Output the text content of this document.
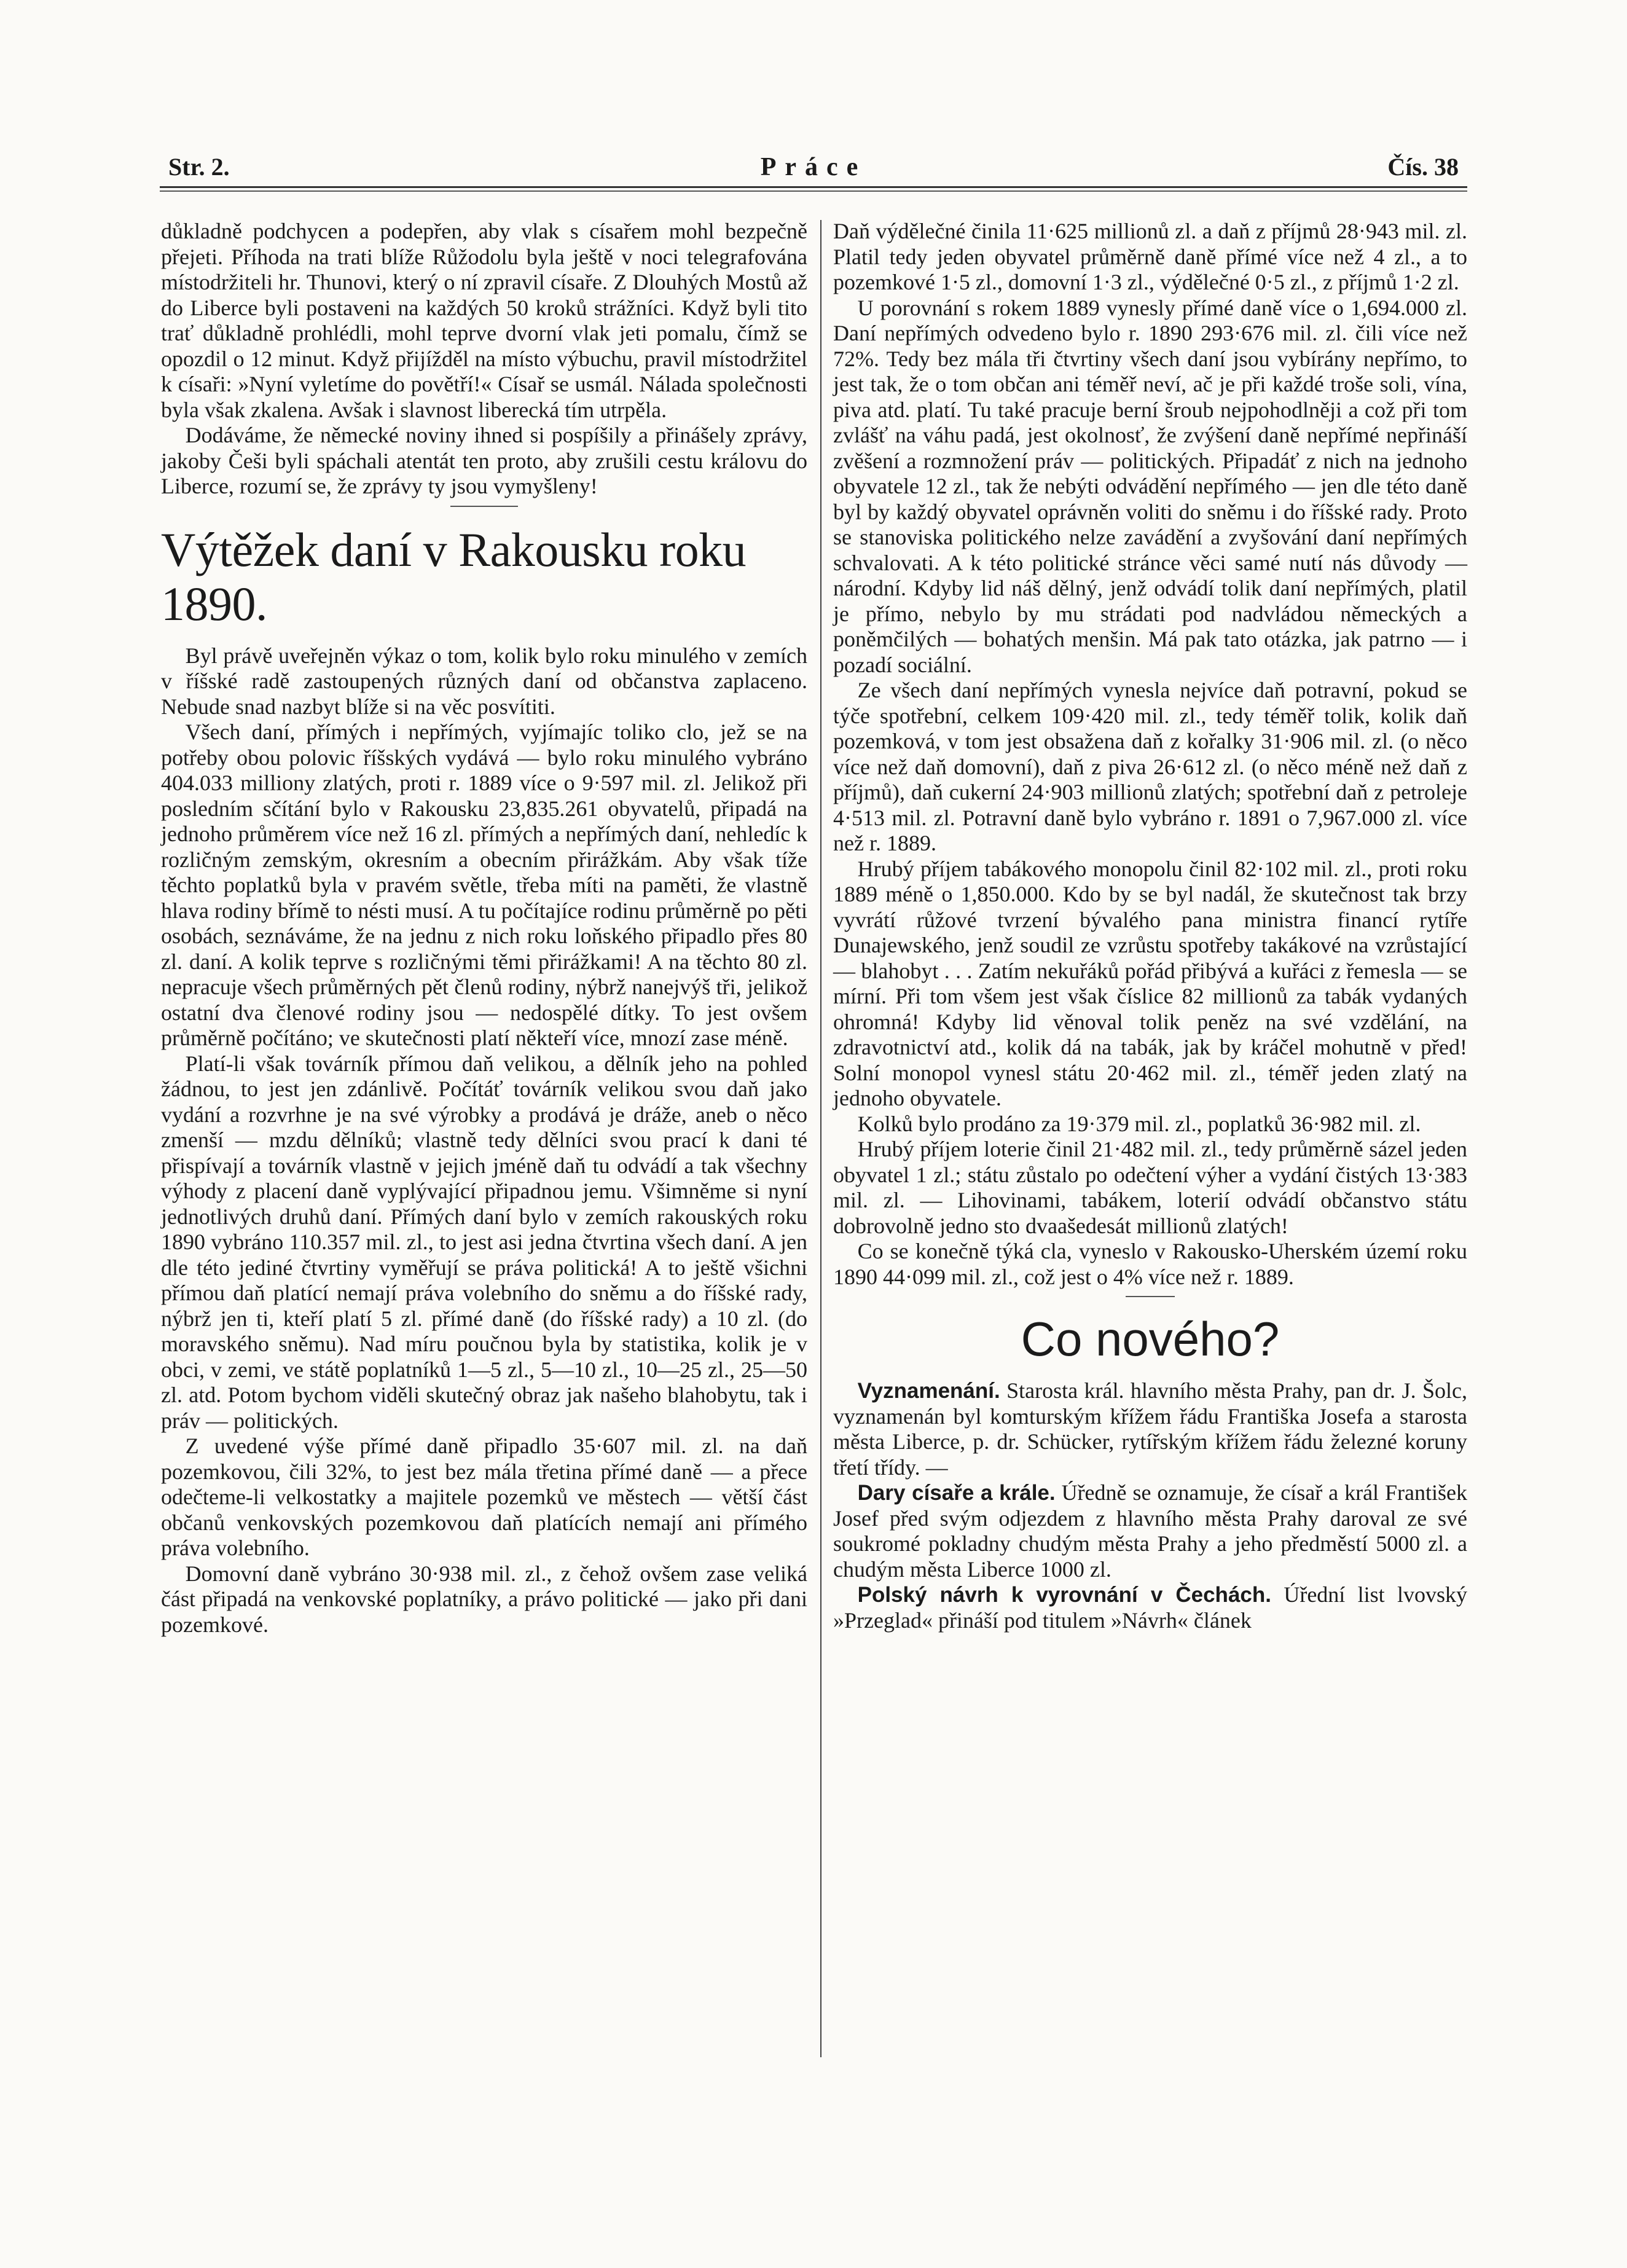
Str. 2.	Práce	Čís. 38

důkladně podchycen a podepřen, aby vlak s císařem mohl bezpečně přejeti. Příhoda na trati blíže Růžodolu byla ještě v noci telegrafována místodržiteli hr. Thunovi, který o ní zpravil císaře. Z Dlouhých Mostů až do Liberce byli postaveni na každých 50 kroků strážníci. Když byli tito trať důkladně prohlédli, mohl teprve dvorní vlak jeti pomalu, čímž se opozdil o 12 minut. Když přijížděl na místo výbuchu, pravil místodržitel k císaři: »Nyní vyletíme do povětří!« Císař se usmál. Nálada společnosti byla však zkalena. Avšak i slavnost liberecká tím utrpěla.

Dodáváme, že německé noviny ihned si pospíšily a přinášely zprávy, jakoby Češi byli spáchali atentát ten proto, aby zrušili cestu královu do Liberce, rozumí se, že zprávy ty jsou vymyšleny!

Výtěžek daní v Rakousku roku 1890.

Byl právě uveřejněn výkaz o tom, kolik bylo roku minulého v zemích v říšské radě zastoupených různých daní od občanstva zaplaceno. Nebude snad nazbyt blíže si na věc posvítiti.

Všech daní, přímých i nepřímých, vyjímajíc toliko clo, jež se na potřeby obou polovic říšských vydává — bylo roku minulého vybráno 404.033 milliony zlatých, proti r. 1889 více o 9·597 mil. zl. Jelikož při posledním sčítání bylo v Rakousku 23,835.261 obyvatelů, připadá na jednoho průměrem více než 16 zl. přímých a nepřímých daní, nehledíc k rozličným zemským, okresním a obecním přirážkám. Aby však tíže těchto poplatků byla v pravém světle, třeba míti na paměti, že vlastně hlava rodiny břímě to nésti musí. A tu počítajíce rodinu průměrně po pěti osobách, seznáváme, že na jednu z nich roku loňského připadlo přes 80 zl. daní. A kolik teprve s rozličnými těmi přirážkami! A na těchto 80 zl. nepracuje všech průměrných pět členů rodiny, nýbrž nanejvýš tři, jelikož ostatní dva členové rodiny jsou — nedospělé dítky. To jest ovšem průměrně počítáno; ve skutečnosti platí někteří více, mnozí zase méně.

Platí-li však továrník přímou daň velikou, a dělník jeho na pohled žádnou, to jest jen zdánlivě. Počítáť továrník velikou svou daň jako vydání a rozvrhne je na své výrobky a prodává je dráže, aneb o něco zmenší — mzdu dělníků; vlastně tedy dělníci svou prací k dani té přispívají a továrník vlastně v jejich jméně daň tu odvádí a tak všechny výhody z placení daně vyplývající připadnou jemu. Všimněme si nyní jednotlivých druhů daní. Přímých daní bylo v zemích rakouských roku 1890 vybráno 110.357 mil. zl., to jest asi jedna čtvrtina všech daní. A jen dle této jediné čtvrtiny vyměřují se práva politická! A to ještě všichni přímou daň platící nemají práva volebního do sněmu a do říšské rady, nýbrž jen ti, kteří platí 5 zl. přímé daně (do říšské rady) a 10 zl. (do moravského sněmu). Nad míru poučnou byla by statistika, kolik je v obci, v zemi, ve státě poplatníků 1—5 zl., 5—10 zl., 10—25 zl., 25—50 zl. atd. Potom bychom viděli skutečný obraz jak našeho blahobytu, tak i práv — politických.

Z uvedené výše přímé daně připadlo 35·607 mil. zl. na daň pozemkovou, čili 32%, to jest bez mála třetina přímé daně — a přece odečteme-li velkostatky a majitele pozemků ve městech — větší část občanů venkovských pozemkovou daň platících nemají ani přímého práva volebního.

Domovní daně vybráno 30·938 mil. zl., z čehož ovšem zase veliká část připadá na venkovské poplatníky, a právo politické — jako při dani pozemkové.

Daň výdělečné činila 11·625 millionů zl. a daň z příjmů 28·943 mil. zl. Platil tedy jeden obyvatel průměrně daně přímé více než 4 zl., a to pozemkové 1·5 zl., domovní 1·3 zl., výdělečné 0·5 zl., z příjmů 1·2 zl.

U porovnání s rokem 1889 vynesly přímé daně více o 1,694.000 zl. Daní nepřímých odvedeno bylo r. 1890 293·676 mil. zl. čili více než 72%. Tedy bez mála tři čtvrtiny všech daní jsou vybírány nepřímo, to jest tak, že o tom občan ani téměř neví, ač je při každé troše soli, vína, piva atd. platí. Tu také pracuje berní šroub nejpohodlněji a což při tom zvlášť na váhu padá, jest okolnosť, že zvýšení daně nepřímé nepřináší zvěšení a rozmnožení práv — politických. Připadáť z nich na jednoho obyvatele 12 zl., tak že nebýti odvádění nepřímého — jen dle této daně byl by každý obyvatel oprávněn voliti do sněmu i do říšské rady. Proto se stanoviska politického nelze zavádění a zvyšování daní nepřímých schvalovati. A k této politické stránce věci samé nutí nás důvody — národní. Kdyby lid náš dělný, jenž odvádí tolik daní nepřímých, platil je přímo, nebylo by mu strádati pod nadvládou německých a poněmčilých — bohatých menšin. Má pak tato otázka, jak patrno — i pozadí sociální.

Ze všech daní nepřímých vynesla nejvíce daň potravní, pokud se týče spotřební, celkem 109·420 mil. zl., tedy téměř tolik, kolik daň pozemková, v tom jest obsažena daň z kořalky 31·906 mil. zl. (o něco více než daň domovní), daň z piva 26·612 zl. (o něco méně než daň z příjmů), daň cukerní 24·903 millionů zlatých; spotřební daň z petroleje 4·513 mil. zl. Potravní daně bylo vybráno r. 1891 o 7,967.000 zl. více než r. 1889.

Hrubý příjem tabákového monopolu činil 82·102 mil. zl., proti roku 1889 méně o 1,850.000. Kdo by se byl nadál, že skutečnost tak brzy vyvrátí růžové tvrzení bývalého pana ministra financí rytíře Dunajewského, jenž soudil ze vzrůstu spotřeby takákové na vzrůstající — blahobyt . . . Zatím nekuřáků pořád přibývá a kuřáci z řemesla — se mírní. Při tom všem jest však číslice 82 millionů za tabák vydaných ohromná! Kdyby lid věnoval tolik peněz na své vzdělání, na zdravotnictví atd., kolik dá na tabák, jak by kráčel mohutně v před! Solní monopol vynesl státu 20·462 mil. zl., téměř jeden zlatý na jednoho obyvatele.

Kolků bylo prodáno za 19·379 mil. zl., poplatků 36·982 mil. zl.

Hrubý příjem loterie činil 21·482 mil. zl., tedy průměrně sázel jeden obyvatel 1 zl.; státu zůstalo po odečtení výher a vydání čistých 13·383 mil. zl. — Lihovinami, tabákem, loterií odvádí občanstvo státu dobrovolně jedno sto dvaašedesát millionů zlatých!

Co se konečně týká cla, vyneslo v Rakousko-Uherském území roku 1890 44·099 mil. zl., což jest o 4% více než r. 1889.

Co nového?

Vyznamenání. Starosta král. hlavního města Prahy, pan dr. J. Šolc, vyznamenán byl komturským křížem řádu Františka Josefa a starosta města Liberce, p. dr. Schücker, rytířským křížem řádu železné koruny třetí třídy. —

Dary císaře a krále. Úředně se oznamuje, že císař a král František Josef před svým odjezdem z hlavního města Prahy daroval ze své soukromé pokladny chudým města Prahy a jeho předměstí 5000 zl. a chudým města Liberce 1000 zl.

Polský návrh k vyrovnání v Čechách. Úřední list lvovský »Przeglad« přináší pod titulem »Návrh« článek
